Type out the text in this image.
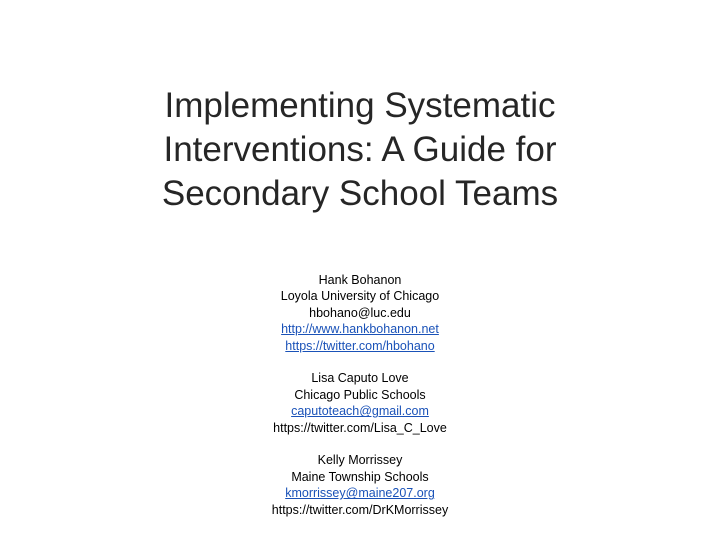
Implementing Systematic
Interventions: A Guide for
Secondary School Teams
Hank Bohanon
Loyola University of Chicago
hbohano@luc.edu
http://www.hankbohanon.net
https://twitter.com/hbohano
Lisa Caputo Love
Chicago Public Schools
caputoteach@gmail.com
https://twitter.com/Lisa_C_Love
Kelly Morrissey
Maine Township Schools
kmorrissey@maine207.org
https://twitter.com/DrKMorrissey
